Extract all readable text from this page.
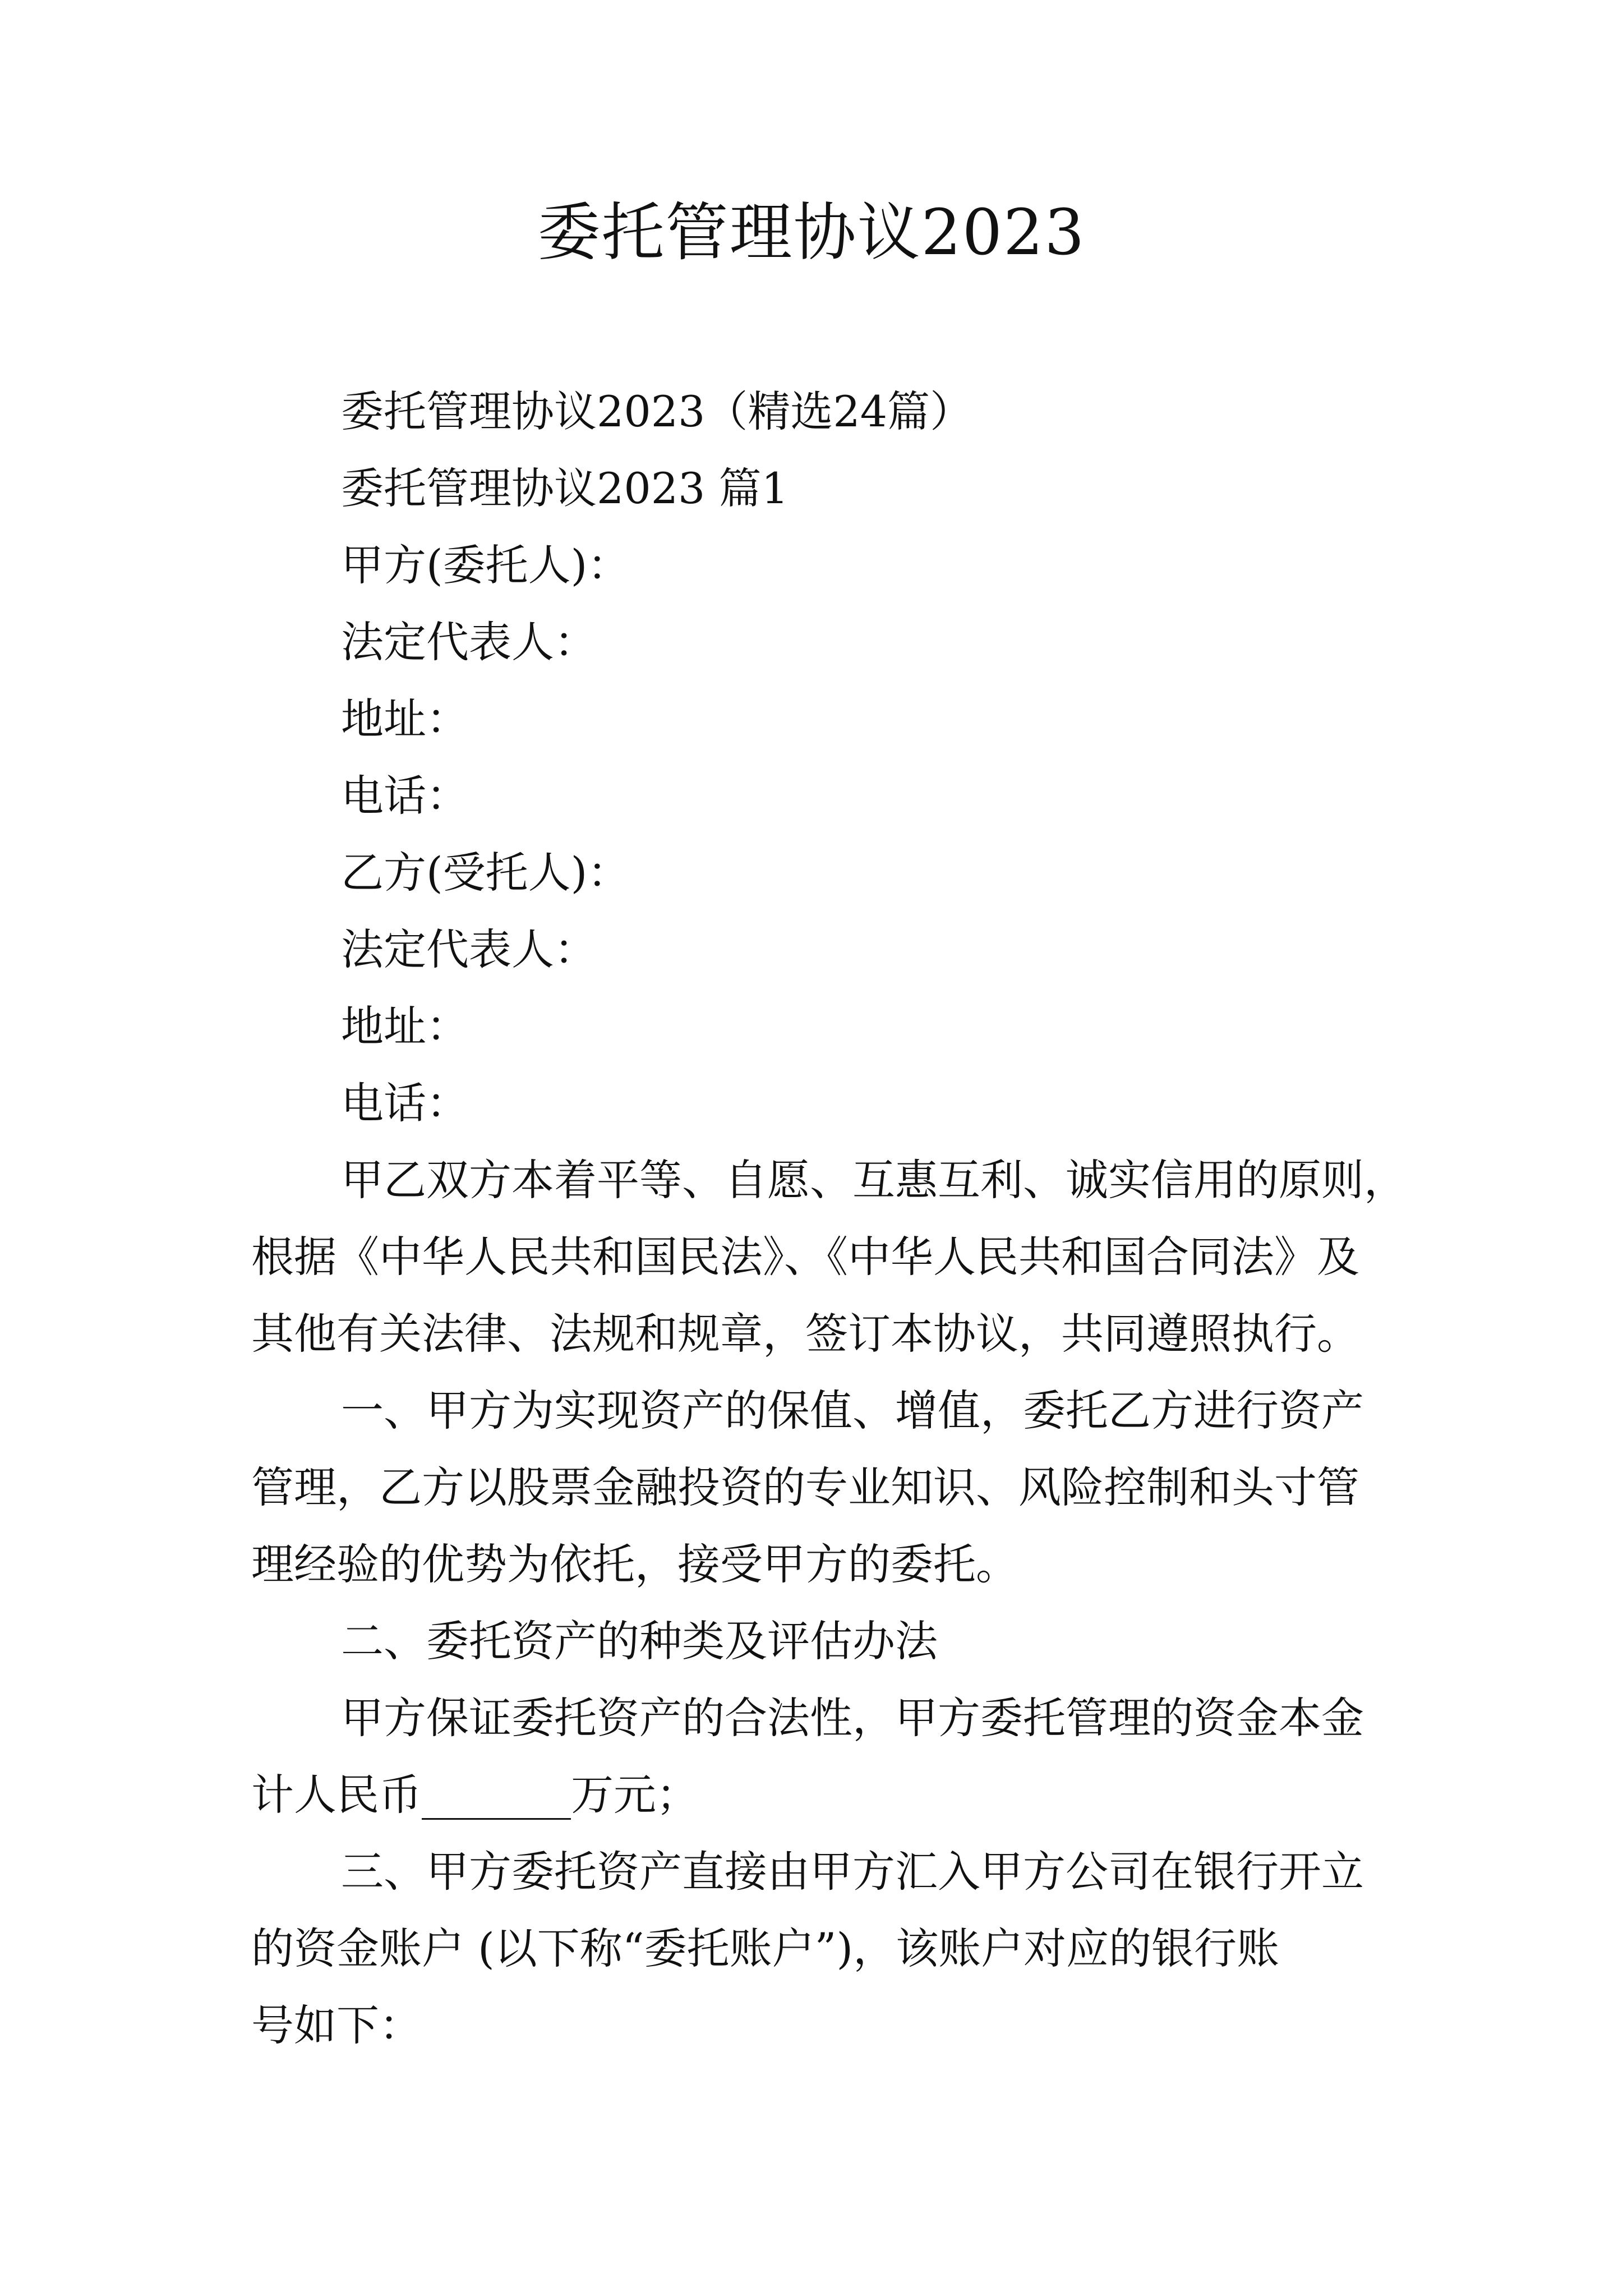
委托管理协议2023
委托管理协议2023（精选24篇）
委托管理协议2023 篇1
甲方(委托人)：
法定代表人：
地址：
电话：
乙方(受托人)：
法定代表人：
地址：
电话：
甲乙双方本着平等、自愿、互惠互利、诚实信用的原则，
根据《中华人民共和国民法》、《中华人民共和国合同法》及
其他有关法律、法规和规章，签订本协议，共同遵照执行。
一、甲方为实现资产的保值、增值，委托乙方进行资产
管理，乙方以股票金融投资的专业知识、风险控制和头寸管
理经验的优势为依托，接受甲方的委托。
二、委托资产的种类及评估办法
甲方保证委托资产的合法性，甲方委托管理的资金本金
计人民币_______万元；
三、甲方委托资产直接由甲方汇入甲方公司在银行开立
的资金账户 (以下称“委托账户”)，该账户对应的银行账
号如下：
